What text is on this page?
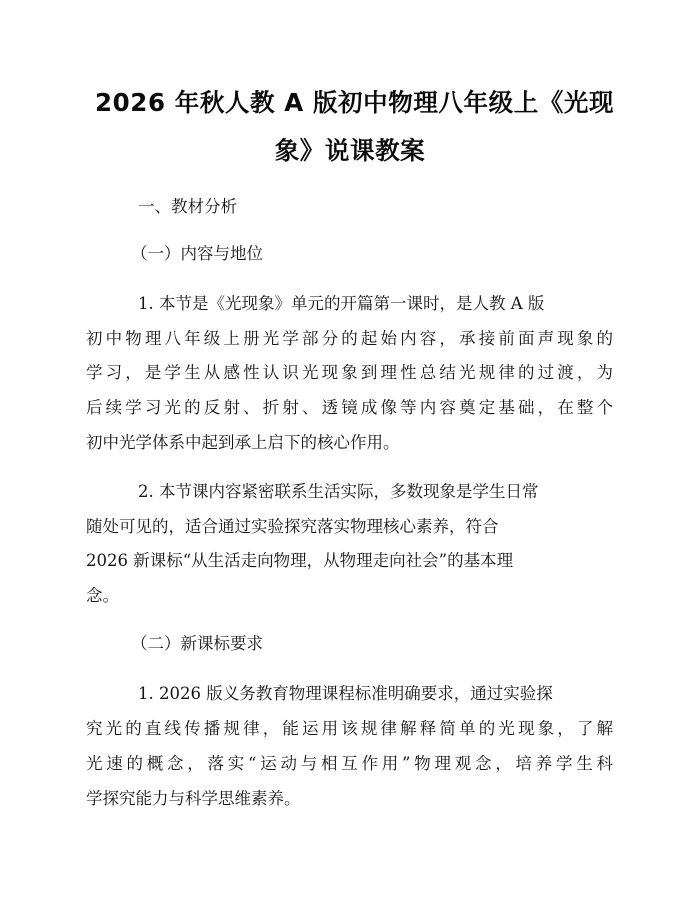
2026 年秋人教 A 版初中物理八年级上《光现
象》说课教案
一、教材分析
（一）内容与地位
1. 本节是《光现象》单元的开篇第一课时，是人教 A 版
初中物理八年级上册光学部分的起始内容，承接前面声现象的
学习，是学生从感性认识光现象到理性总结光规律的过渡，为
后续学习光的反射、折射、透镜成像等内容奠定基础，在整个
初中光学体系中起到承上启下的核心作用。
2. 本节课内容紧密联系生活实际，多数现象是学生日常
随处可见的，适合通过实验探究落实物理核心素养，符合
2026 新课标“从生活走向物理，从物理走向社会”的基本理
念。
（二）新课标要求
1. 2026 版义务教育物理课程标准明确要求，通过实验探
究光的直线传播规律，能运用该规律解释简单的光现象，了解
光速的概念，落实“运动与相互作用”物理观念，培养学生科
学探究能力与科学思维素养。
